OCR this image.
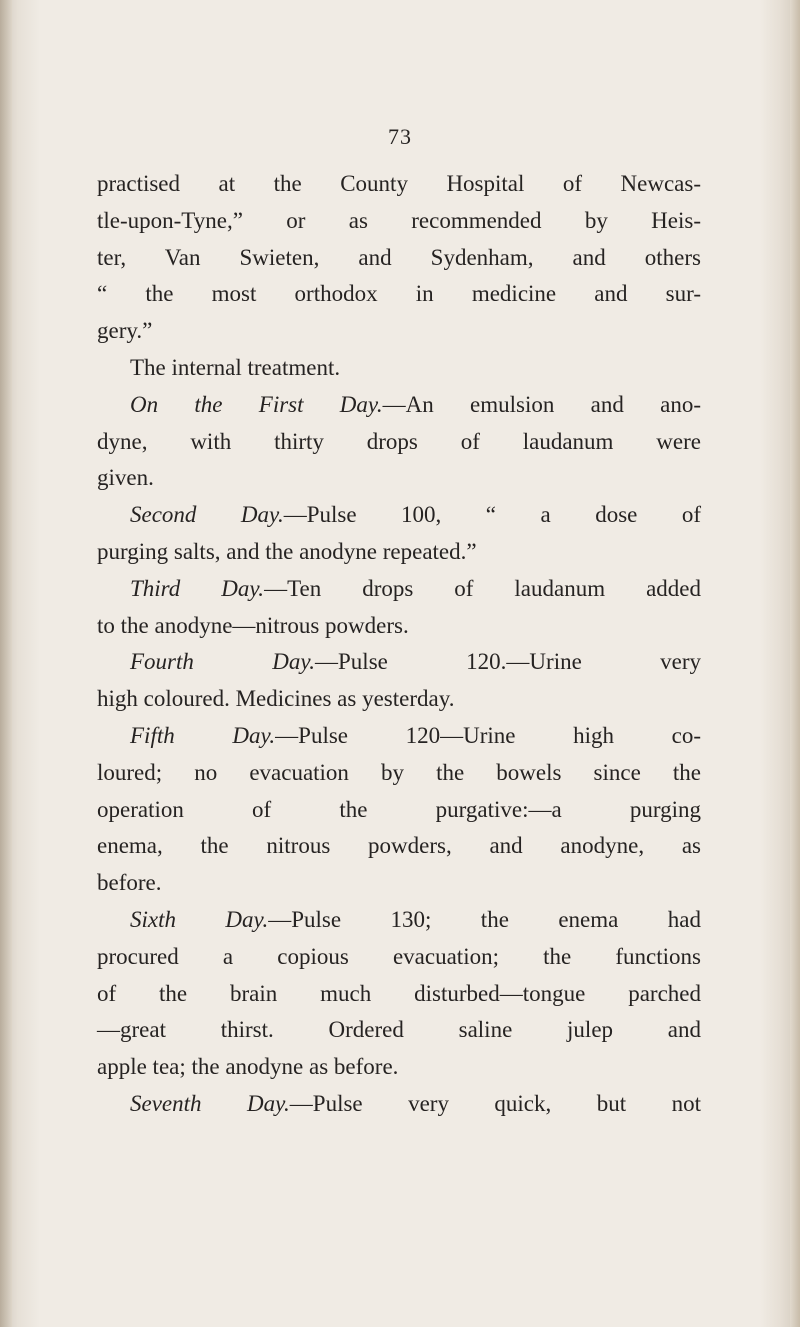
73
practised at the County Hospital of Newcas-
tle-upon-Tyne,” or as recommended by Heis-
ter, Van Swieten, and Sydenham, and others
“ the most orthodox in medicine and sur-
gery.”
The internal treatment.
On the First Day.—An emulsion and ano-
dyne, with thirty drops of laudanum were
given.
Second Day.—Pulse 100, “ a dose of
purging salts, and the anodyne repeated.”
Third Day.—Ten drops of laudanum added
to the anodyne—nitrous powders.
Fourth Day.—Pulse 120.—Urine very
high coloured. Medicines as yesterday.
Fifth Day.—Pulse 120—Urine high co-
loured; no evacuation by the bowels since the
operation of the purgative:—a purging
enema, the nitrous powders, and anodyne, as
before.
Sixth Day.—Pulse 130; the enema had
procured a copious evacuation; the functions
of the brain much disturbed—tongue parched
—great thirst. Ordered saline julep and
apple tea; the anodyne as before.
Seventh Day.—Pulse very quick, but not
